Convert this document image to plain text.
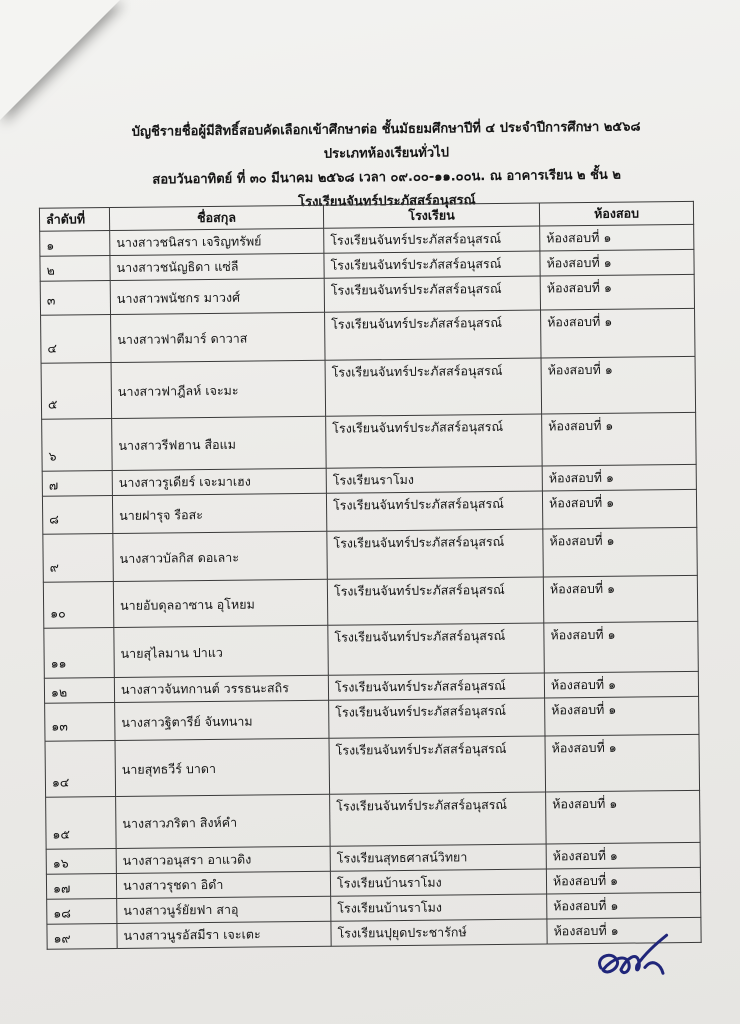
บัญชีรายชื่อผู้มีสิทธิ์สอบคัดเลือกเข้าศึกษาต่อ ชั้นมัธยมศึกษาปีที่ ๔ ประจำปีการศึกษา ๒๕๖๘
ประเภทห้องเรียนทั่วไป
สอบวันอาทิตย์ ที่ ๓๐ มีนาคม ๒๕๖๘ เวลา ๐๙.๐๐-๑๑.๐๐น. ณ อาคารเรียน ๒ ชั้น ๒
โรงเรียนจันทร์ประภัสสร์อนุสรณ์
ลำดับที่	ชื่อสกุล	โรงเรียน	ห้องสอบ
๑	นางสาวชนิสรา เจริญทรัพย์	โรงเรียนจันทร์ประภัสสร์อนุสรณ์	ห้องสอบที่ ๑
๒	นางสาวชนัญธิดา แซ่ลี	โรงเรียนจันทร์ประภัสสร์อนุสรณ์	ห้องสอบที่ ๑
๓	นางสาวพนัชกร มาวงศ์	โรงเรียนจันทร์ประภัสสร์อนุสรณ์	ห้องสอบที่ ๑
๔	นางสาวฟาตีมาร์ ดาวาส	โรงเรียนจันทร์ประภัสสร์อนุสรณ์	ห้องสอบที่ ๑
๕	นางสาวฟาฎีลห์ เจะมะ	โรงเรียนจันทร์ประภัสสร์อนุสรณ์	ห้องสอบที่ ๑
๖	นางสาวรีฟฮาน สือแม	โรงเรียนจันทร์ประภัสสร์อนุสรณ์	ห้องสอบที่ ๑
๗	นางสาวรูเดียร์ เจะมาเฮง	โรงเรียนราโมง	ห้องสอบที่ ๑
๘	นายฝารุจ รือสะ	โรงเรียนจันทร์ประภัสสร์อนุสรณ์	ห้องสอบที่ ๑
๙	นางสาวบัลกิส ดอเลาะ	โรงเรียนจันทร์ประภัสสร์อนุสรณ์	ห้องสอบที่ ๑
๑๐	นายอับดุลอาซาน อุโหยม	โรงเรียนจันทร์ประภัสสร์อนุสรณ์	ห้องสอบที่ ๑
๑๑	นายสุไลมาน ปาแว	โรงเรียนจันทร์ประภัสสร์อนุสรณ์	ห้องสอบที่ ๑
๑๒	นางสาวจันทกานต์ วรรธนะสถิร	โรงเรียนจันทร์ประภัสสร์อนุสรณ์	ห้องสอบที่ ๑
๑๓	นางสาวฐิตารีย์ จันทนาม	โรงเรียนจันทร์ประภัสสร์อนุสรณ์	ห้องสอบที่ ๑
๑๔	นายสุทธวีร์ บาดา	โรงเรียนจันทร์ประภัสสร์อนุสรณ์	ห้องสอบที่ ๑
๑๕	นางสาวภริตา สิงห์คำ	โรงเรียนจันทร์ประภัสสร์อนุสรณ์	ห้องสอบที่ ๑
๑๖	นางสาวอนุสรา อาแวดิง	โรงเรียนสุทธศาสน์วิทยา	ห้องสอบที่ ๑
๑๗	นางสาวรุชดา อิดำ	โรงเรียนบ้านราโมง	ห้องสอบที่ ๑
๑๘	นางสาวนูร์ยัยฟา สาอุ	โรงเรียนบ้านราโมง	ห้องสอบที่ ๑
๑๙	นางสาวนูรอัสมีรา เจะเตะ	โรงเรียนปุยุดประชารักษ์	ห้องสอบที่ ๑
